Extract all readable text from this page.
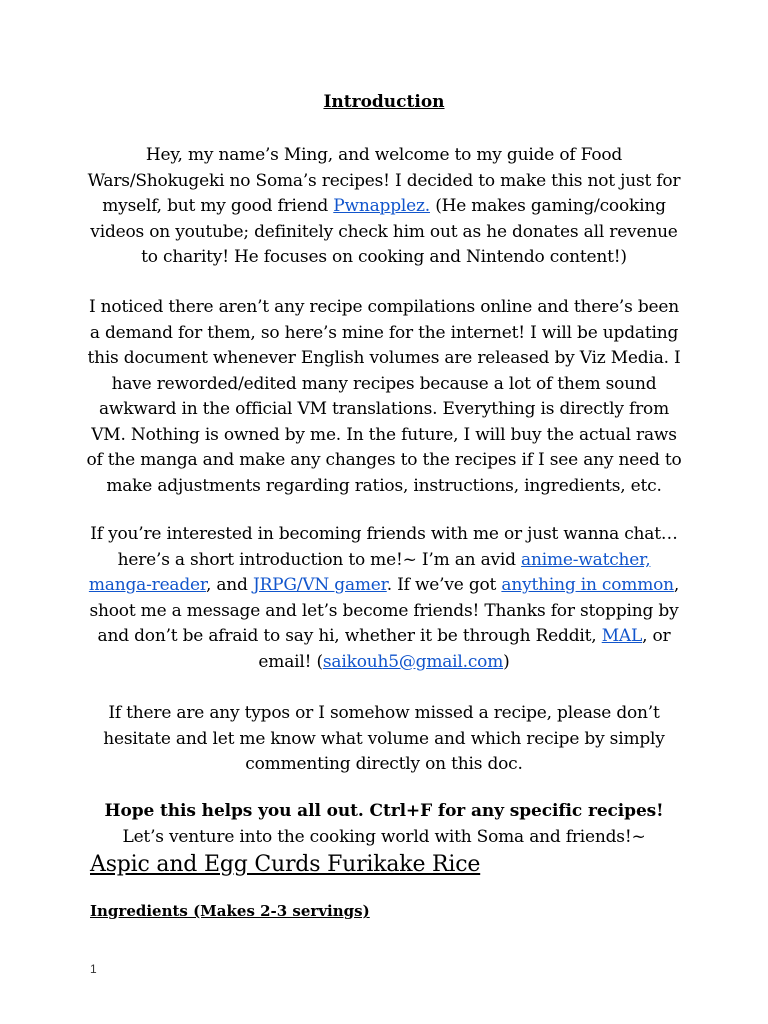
Introduction
Hey, my name’s Ming, and welcome to my guide of Food Wars/Shokugeki no Soma’s recipes! I decided to make this not just for myself, but my good friend Pwnapplez. (He makes gaming/cooking videos on youtube; definitely check him out as he donates all revenue to charity! He focuses on cooking and Nintendo content!)
I noticed there aren’t any recipe compilations online and there’s been a demand for them, so here’s mine for the internet! I will be updating this document whenever English volumes are released by Viz Media. I have reworded/edited many recipes because a lot of them sound awkward in the official VM translations. Everything is directly from VM. Nothing is owned by me. In the future, I will buy the actual raws of the manga and make any changes to the recipes if I see any need to make adjustments regarding ratios, instructions, ingredients, etc.
If you’re interested in becoming friends with me or just wanna chat… here’s a short introduction to me!~ I’m an avid anime-watcher, manga-reader, and JRPG/VN gamer. If we’ve got anything in common, shoot me a message and let’s become friends! Thanks for stopping by and don’t be afraid to say hi, whether it be through Reddit, MAL, or email! (saikouh5@gmail.com)
If there are any typos or I somehow missed a recipe, please don’t hesitate and let me know what volume and which recipe by simply commenting directly on this doc.
Hope this helps you all out. Ctrl+F for any specific recipes!
Let’s venture into the cooking world with Soma and friends!~
Aspic and Egg Curds Furikake Rice
Ingredients (Makes 2-3 servings)
1
